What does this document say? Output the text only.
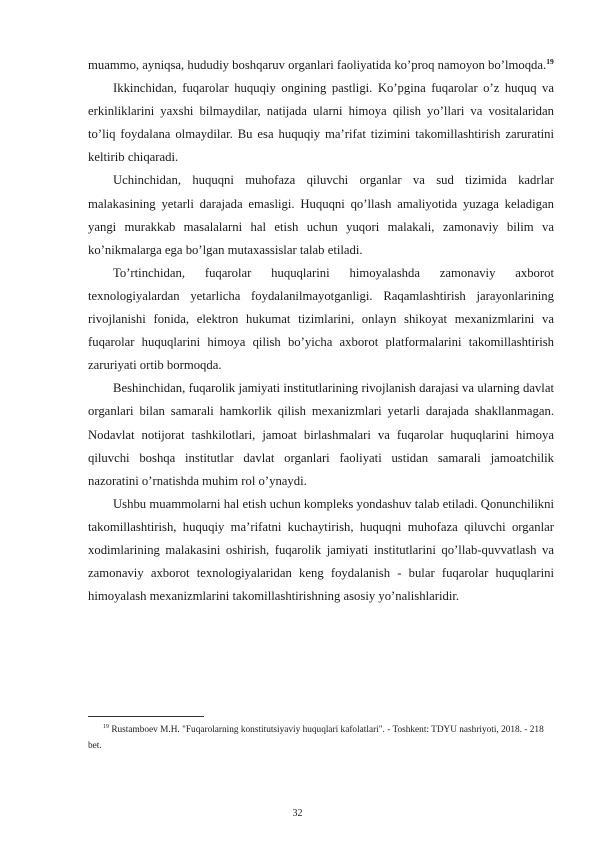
muammo, ayniqsa, hududiy boshqaruv organlari faoliyatida ko’proq namoyon bo’lmoqda.$^{19}$

Ikkinchidan, fuqarolar huquqiy ongining pastligi. Ko’pgina fuqarolar o’z huquq va erkinliklarini yaxshi bilmaydilar, natijada ularni himoya qilish yo’llari va vositalaridan to’liq foydalana olmaydilar. Bu esa huquqiy ma’rifat tizimini takomillashtirish zaruratini keltirib chiqaradi.

Uchinchidan, huquqni muhofaza qiluvchi organlar va sud tizimida kadrlar malakasining yetarli darajada emasligi. Huquqni qo’llash amaliyotida yuzaga keladigan yangi murakkab masalalarni hal etish uchun yuqori malakali, zamonaviy bilim va ko’nikmalarga ega bo’lgan mutaxassislar talab etiladi.

To’rtinchidan, fuqarolar huquqlarini himoyalashda zamonaviy axborot texnologiyalardan yetarlicha foydalanilmayotganligi. Raqamlashtirish jarayonlarining rivojlanishi fonida, elektron hukumat tizimlarini, onlayn shikoyat mexanizmlarini va fuqarolar huquqlarini himoya qilish bo’yicha axborot platformalarini takomillashtirish zaruriyati ortib bormoqda.

Beshinchidan, fuqarolik jamiyati institutlarining rivojlanish darajasi va ularning davlat organlari bilan samarali hamkorlik qilish mexanizmlari yetarli darajada shakllanmagan. Nodavlat notijorat tashkilotlari, jamoat birlashmalari va fuqarolar huquqlarini himoya qiluvchi boshqa institutlar davlat organlari faoliyati ustidan samarali jamoatchilik nazoratini o’rnatishda muhim rol o’ynaydi.

Ushbu muammolarni hal etish uchun kompleks yondashuv talab etiladi. Qonunchilikni takomillashtirish, huquqiy ma’rifatni kuchaytirish, huquqni muhofaza qiluvchi organlar xodimlarining malakasini oshirish, fuqarolik jamiyati institutlarini qo’llab-quvvatlash va zamonaviy axborot texnologiyalaridan keng foydalanish - bular fuqarolar huquqlarini himoyalash mexanizmlarini takomillashtirishning asosiy yo’nalishlaridir.

$^{19}$ Rustamboev M.H. "Fuqarolarning konstitutsiyaviy huquqlari kafolatlari". - Toshkent: TDYU nashriyoti, 2018. - 218 bet.

32
